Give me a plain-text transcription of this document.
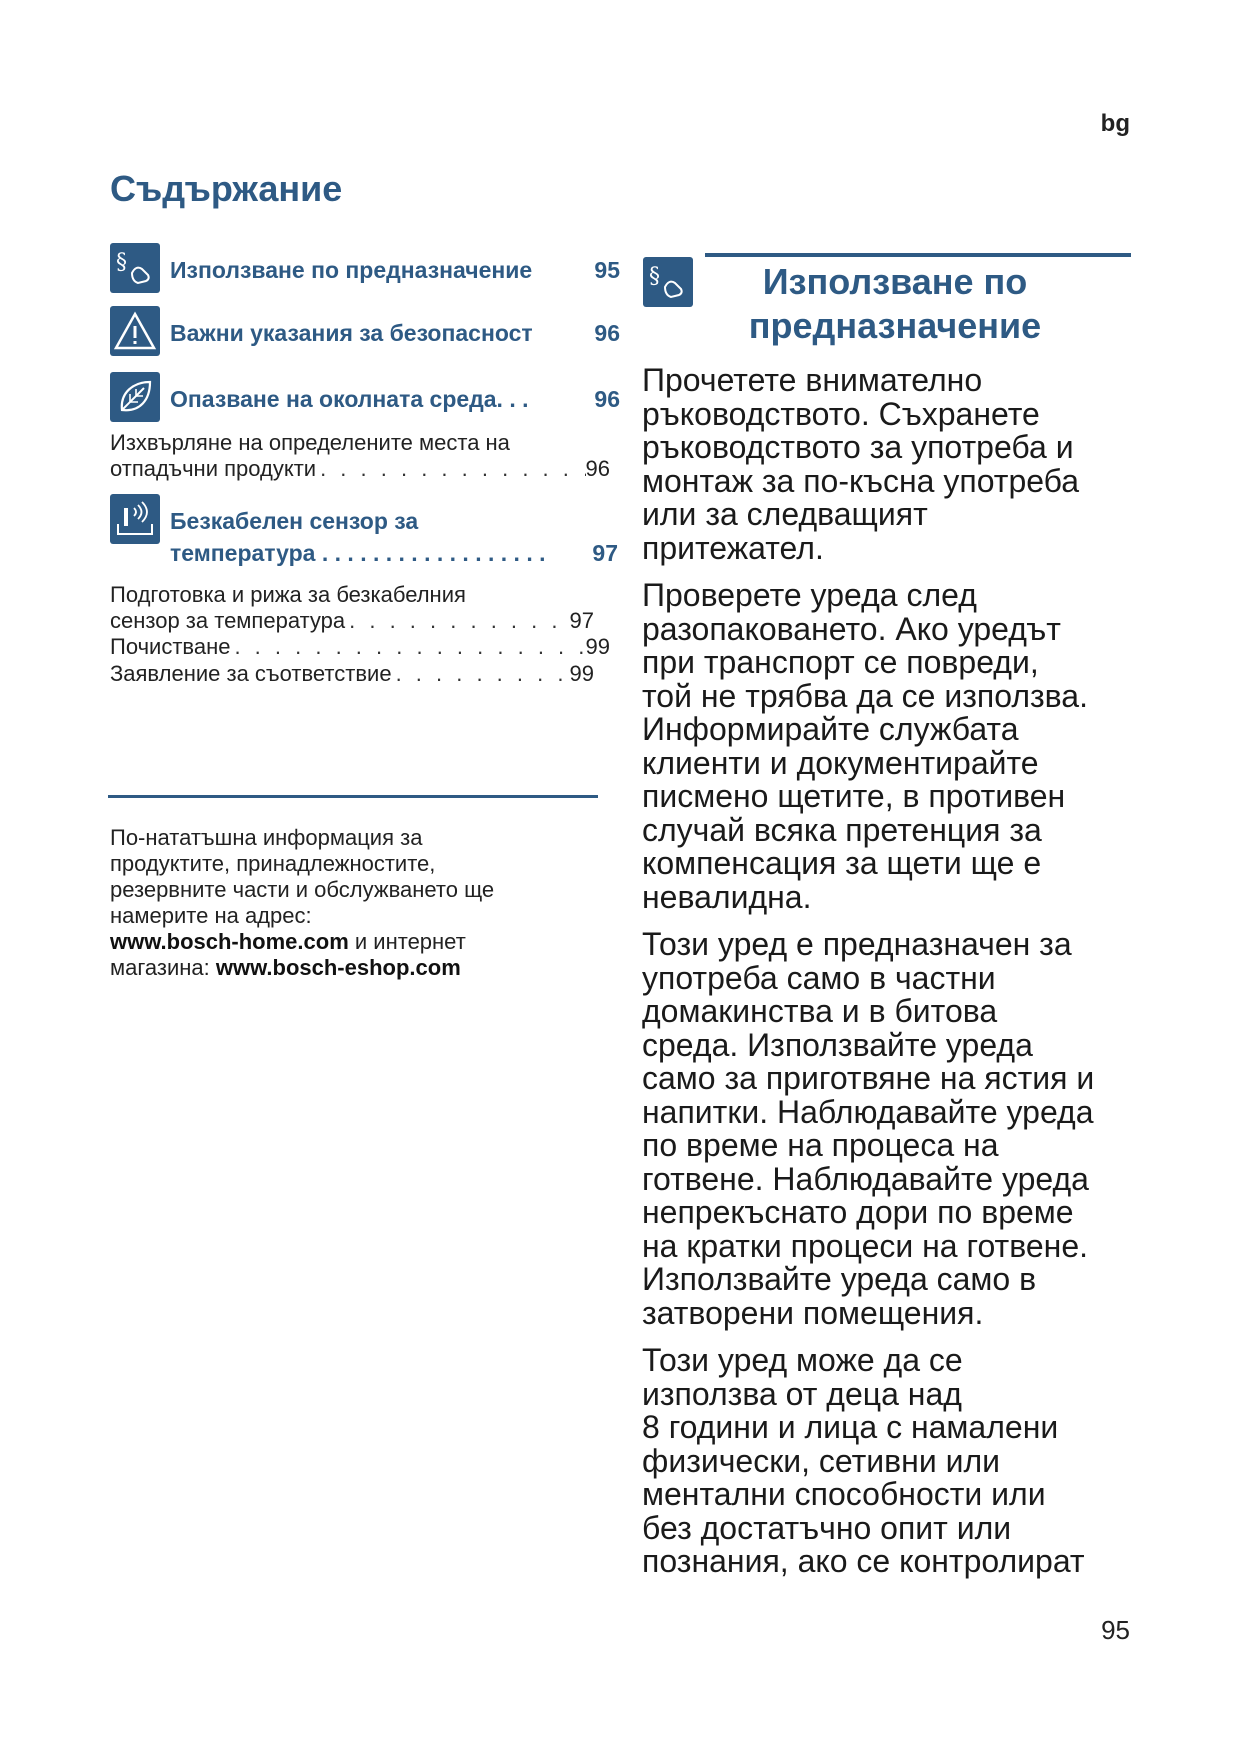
bg
Съдържание
§ Използване по предназначение	95
Важни указания за безопасност	96
Опазване на околната среда. . .	96
Изхвърляне на определените места на
отпадъчни продукти . . .	96
Безкабелен сензор за
температура . . . . . . . . . . . . . . . . . . 97
Подготовка и рижа за безкабелния
сензор за температура . . .	97
Почистване . . .	99
Заявление за съответствие . . .	99
По-нататъшна информация за
продуктите, принадлежностите,
резервните части и обслужването ще
намерите на адрес:
www.bosch-home.com и интернет
магазина: www.bosch-eshop.com
§	Използване по
предназначение

Прочетете внимателно
ръководството. Съхранете
ръководството за употреба и
монтаж за по-късна употреба
или за следващият
притежател.

Проверете уреда след
разопаковането. Ако уредът
при транспорт се повреди,
той не трябва да се използва.
Информирайте службата
клиенти и документирайте
писмено щетите, в противен
случай всяка претенция за
компенсация за щети ще е
невалидна.

Този уред е предназначен за
употреба само в частни
домакинства и в битова
среда. Използвайте уреда
само за приготвяне на ястия и
напитки. Наблюдавайте уреда
по време на процеса на
готвене. Наблюдавайте уреда
непрекъснато дори по време
на кратки процеси на готвене.
Използвайте уреда само в
затворени помещения.

Този уред може да се
използва от деца над
8 години и лица с намалени
физически, сетивни или
ментални способности или
без достатъчно опит или
познания, ако се контролират

95
